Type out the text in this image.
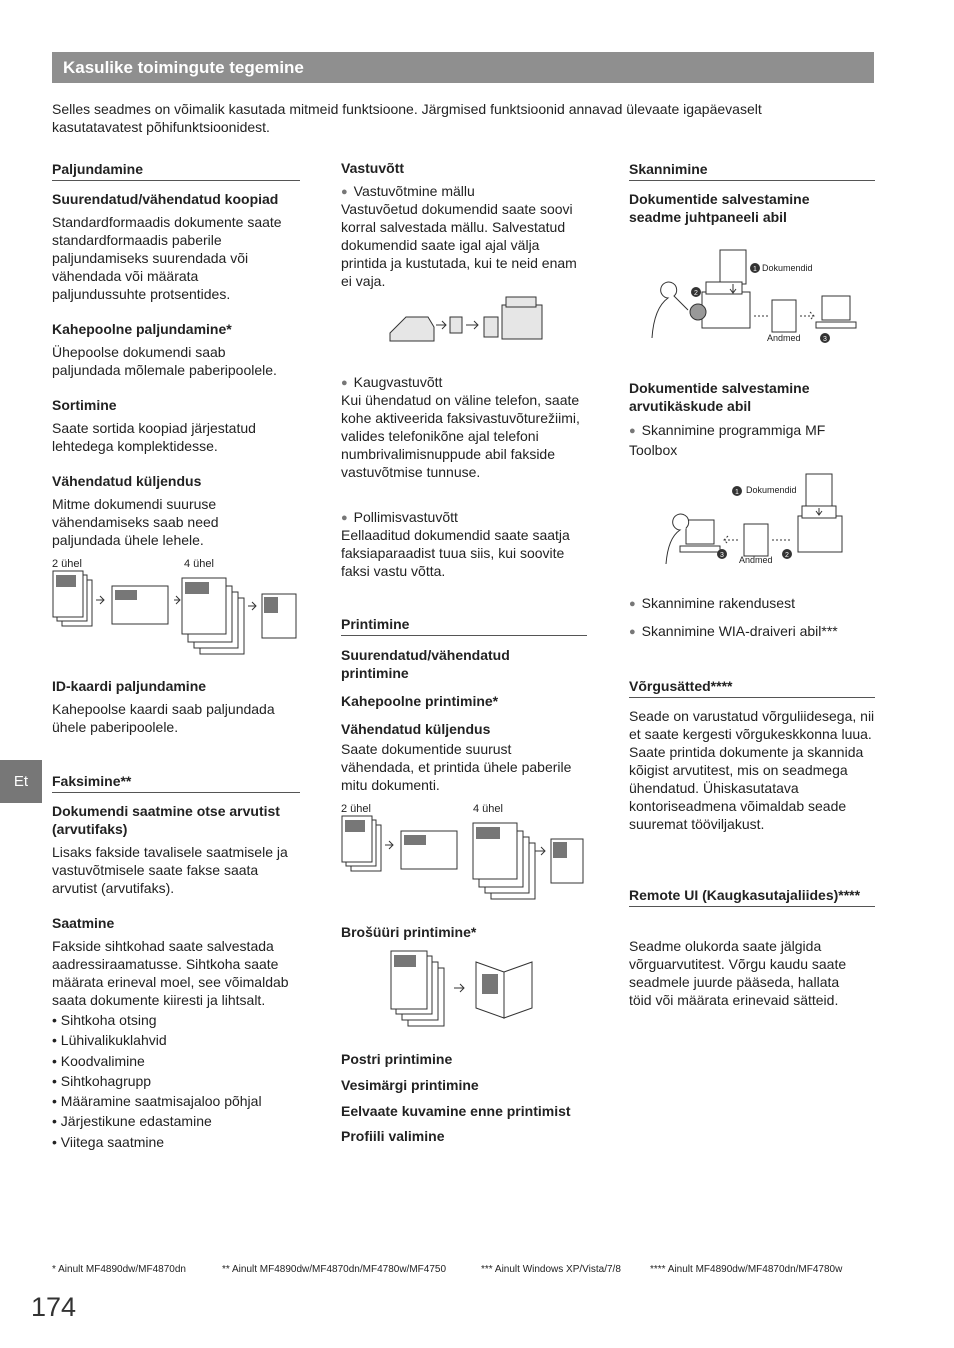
Kasulike toimingute tegemine

Selles seadmes on võimalik kasutada mitmeid funktsioone. Järgmised funktsioonid annavad ülevaate igapäevaselt kasutatavatest põhifunktsioonidest.

Et
Paljundamine
Suurendatud/vähendatud koopiad

Standardformaadis dokumente saate standardformaadis paberile paljundamiseks suurendada või vähendada või määrata paljundussuhte protsentides.

Kahepoolne paljundamine*

Ühepoolse dokumendi saab paljundada mõlemale paberipoolele.

Sortimine

Saate sortida koopiad järjestatud lehtedega komplektidesse.

Vähendatud küljendus

Mitme dokumendi suuruse vähendamiseks saab need paljundada ühele lehele.

2 ühel	4 ühel
ID-kaardi paljundamine

Kahepoolse kaardi saab paljundada ühele paberipoolele.

Faksimine**
Dokumendi saatmine otse arvutist (arvutifaks)

Lisaks fakside tavalisele saatmisele ja vastuvõtmisele saate fakse saata arvutist (arvutifaks).

Saatmine

Fakside sihtkohad saate salvestada aadressiraamatusse. Sihtkoha saate määrata erineval moel, see võimaldab saata dokumente kiiresti ja lihtsalt.

• Sihtkoha otsing
• Lühivalikuklahvid
• Koodvalimine
• Sihtkohagrupp
• Määramine saatmisajaloo põhjal
• Järjestikune edastamine
• Viitega saatmine
Vastuvõtt

● Vastuvõtmine mällu

Vastuvõetud dokumendid saate soovi korral salvestada mällu. Salvestatud dokumendid saate igal ajal välja printida ja kustutada, kui te neid enam ei vaja.

● Kaugvastuvõtt

Kui ühendatud on väline telefon, saate kohe aktiveerida faksivastuvõturežiimi, valides telefonikõne ajal telefoni numbrivalimisnuppude abil fakside vastuvõtmise tunnuse.

● Pollimisvastuvõtt

Eellaaditud dokumendid saate saatja faksiaparaadist tuua siis, kui soovite faksi vastu võtta.

Printimine
Suurendatud/vähendatud printimine
Kahepoolne printimine*
Vähendatud küljendus

Saate dokumentide suurust vähendada, et printida ühele paberile mitu dokumenti.

2 ühel	4 ühel
Brošüüri printimine*
Postri printimine
Vesimärgi printimine
Eelvaate kuvamine enne printimist
Profiili valimine
Skannimine
Dokumentide salvestamine seadme juhtpaneeli abil
1
2
3
Dokumendid
Andmed
Dokumentide salvestamine arvutikäskude abil

● Skannimine programmiga MF Toolbox

1
2
3
Dokumendid
Andmed

● Skannimine rakendusest

● Skannimine WIA-draiveri abil***

Võrgusätted****

Seade on varustatud võrguliidesega, nii et saate kergesti võrgukeskkonna luua. Saate printida dokumente ja skannida kõigist arvutitest, mis on seadmega ühendatud. Ühiskasutatava kontoriseadmena võimaldab seade suuremat tööviljakust.

Remote UI (Kaugkasutajaliides)****

Seadme olukorda saate jälgida võrguarvutitest. Võrgu kaudu saate seadmele juurde pääseda, hallata töid või määrata erinevaid sätteid.

* Ainult MF4890dw/MF4870dn	** Ainult MF4890dw/MF4870dn/MF4780w/MF4750	*** Ainult Windows XP/Vista/7/8	**** Ainult MF4890dw/MF4870dn/MF4780w
174
